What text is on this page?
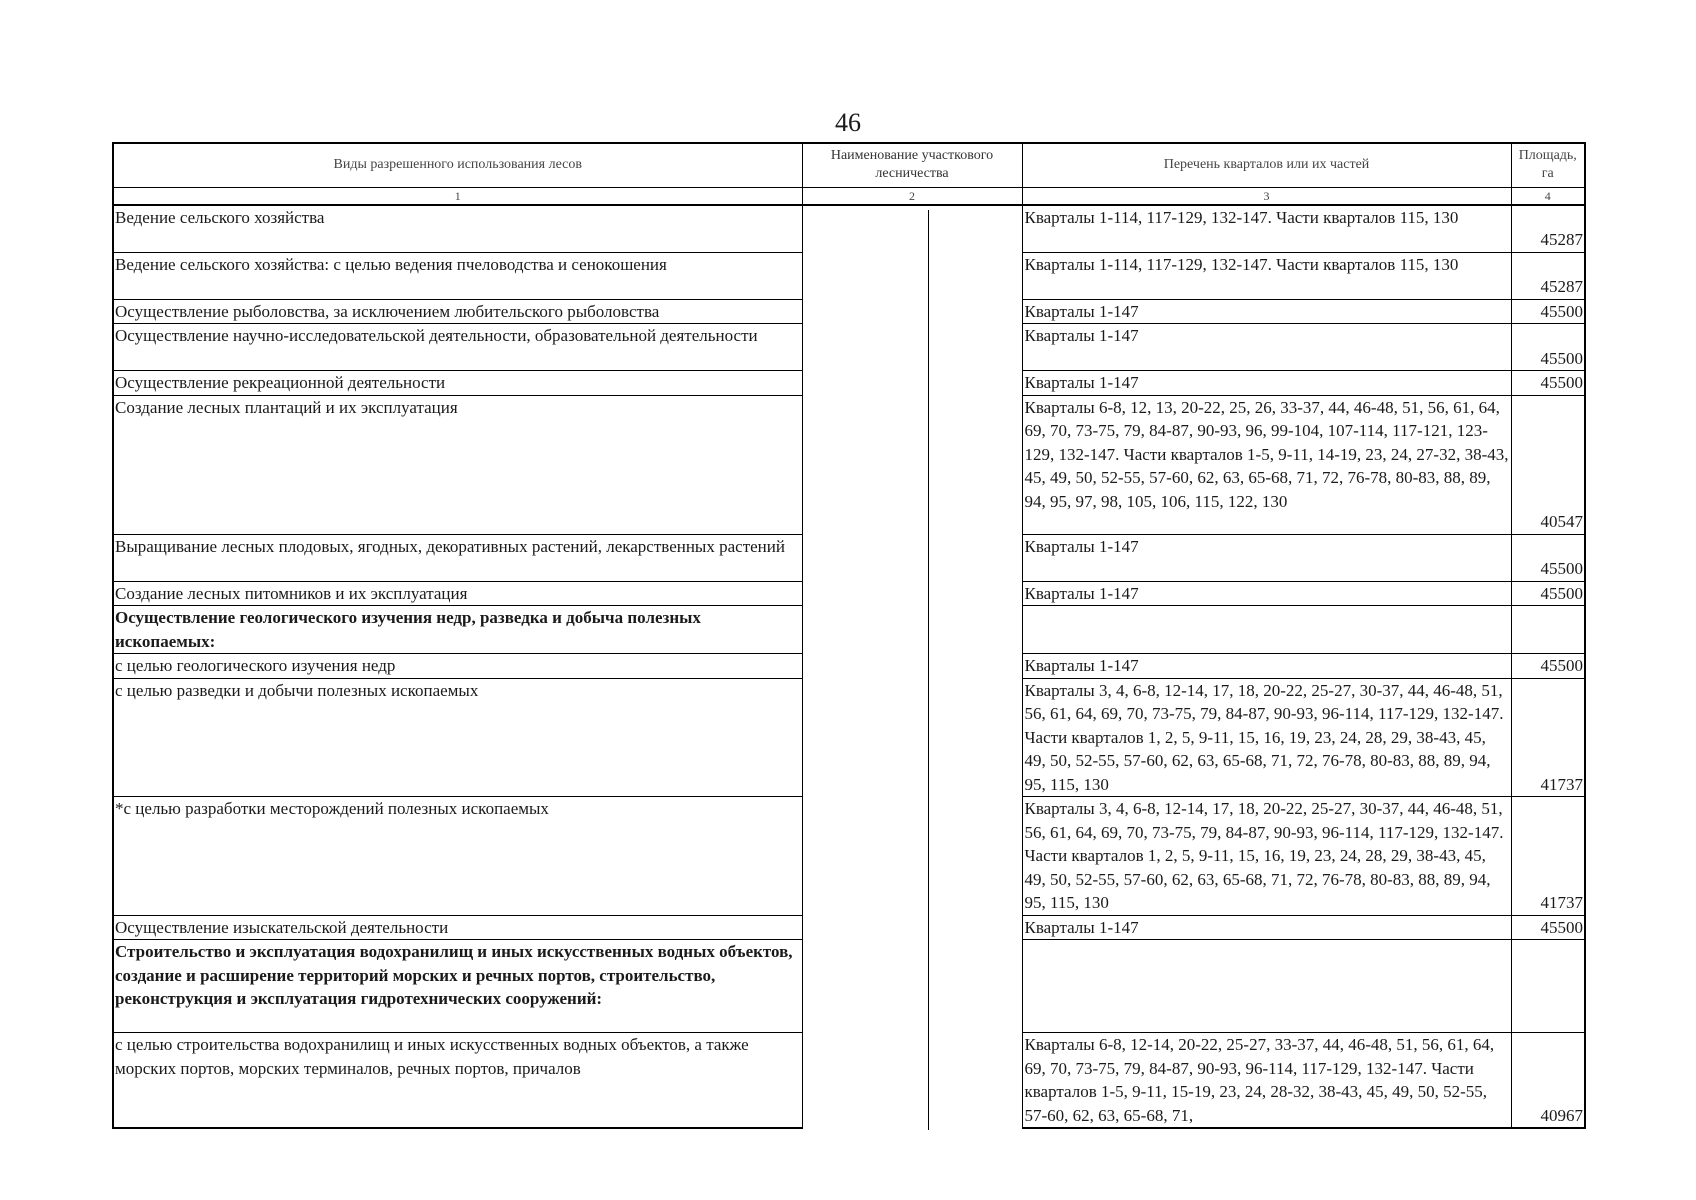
46
Виды разрешенного использования лесов	Наименование участкового лесничества	Перечень кварталов или их частей	Площадь, га
1	2	3	4
Ведение сельского хозяйства		Кварталы 1-114, 117-129, 132-147. Части кварталов 115, 130	45287
Ведение сельского хозяйства: с целью ведения пчеловодства и сенокошения		Кварталы 1-114, 117-129, 132-147. Части кварталов 115, 130	45287
Осуществление рыболовства, за исключением любительского рыболовства		Кварталы 1-147	45500
Осуществление научно-исследовательской деятельности, образовательной деятельности		Кварталы 1-147	45500
Осуществление рекреационной деятельности		Кварталы 1-147	45500
Создание лесных плантаций и их эксплуатация		Кварталы 6-8, 12, 13, 20-22, 25, 26, 33-37, 44, 46-48, 51, 56, 61, 64, 69, 70, 73-75, 79, 84-87, 90-93, 96, 99-104, 107-114, 117-121, 123-129, 132-147. Части кварталов 1-5, 9-11, 14-19, 23, 24, 27-32, 38-43, 45, 49, 50, 52-55, 57-60, 62, 63, 65-68, 71, 72, 76-78, 80-83, 88, 89, 94, 95, 97, 98, 105, 106, 115, 122, 130	40547
Выращивание лесных плодовых, ягодных, декоративных растений, лекарственных растений		Кварталы 1-147	45500
Создание лесных питомников и их эксплуатация		Кварталы 1-147	45500
Осуществление геологического изучения недр, разведка и добыча полезных ископаемых:			
с целью геологического изучения недр		Кварталы 1-147	45500
с целью разведки и добычи полезных ископаемых		Кварталы 3, 4, 6-8, 12-14, 17, 18, 20-22, 25-27, 30-37, 44, 46-48, 51, 56, 61, 64, 69, 70, 73-75, 79, 84-87, 90-93, 96-114, 117-129, 132-147. Части кварталов 1, 2, 5, 9-11, 15, 16, 19, 23, 24, 28, 29, 38-43, 45, 49, 50, 52-55, 57-60, 62, 63, 65-68, 71, 72, 76-78, 80-83, 88, 89, 94, 95, 115, 130	41737
*с целью разработки месторождений полезных ископаемых		Кварталы 3, 4, 6-8, 12-14, 17, 18, 20-22, 25-27, 30-37, 44, 46-48, 51, 56, 61, 64, 69, 70, 73-75, 79, 84-87, 90-93, 96-114, 117-129, 132-147. Части кварталов 1, 2, 5, 9-11, 15, 16, 19, 23, 24, 28, 29, 38-43, 45, 49, 50, 52-55, 57-60, 62, 63, 65-68, 71, 72, 76-78, 80-83, 88, 89, 94, 95, 115, 130	41737
Осуществление изыскательской деятельности		Кварталы 1-147	45500
Строительство и эксплуатация водохранилищ и иных искусственных водных объектов, создание и расширение территорий морских и речных портов, строительство, реконструкция и эксплуатация гидротехнических сооружений:			
с целью строительства водохранилищ и иных искусственных водных объектов, а также морских портов, морских терминалов, речных портов, причалов		Кварталы 6-8, 12-14, 20-22, 25-27, 33-37, 44, 46-48, 51, 56, 61, 64, 69, 70, 73-75, 79, 84-87, 90-93, 96-114, 117-129, 132-147. Части кварталов 1-5, 9-11, 15-19, 23, 24, 28-32, 38-43, 45, 49, 50, 52-55, 57-60, 62, 63, 65-68, 71,	40967
